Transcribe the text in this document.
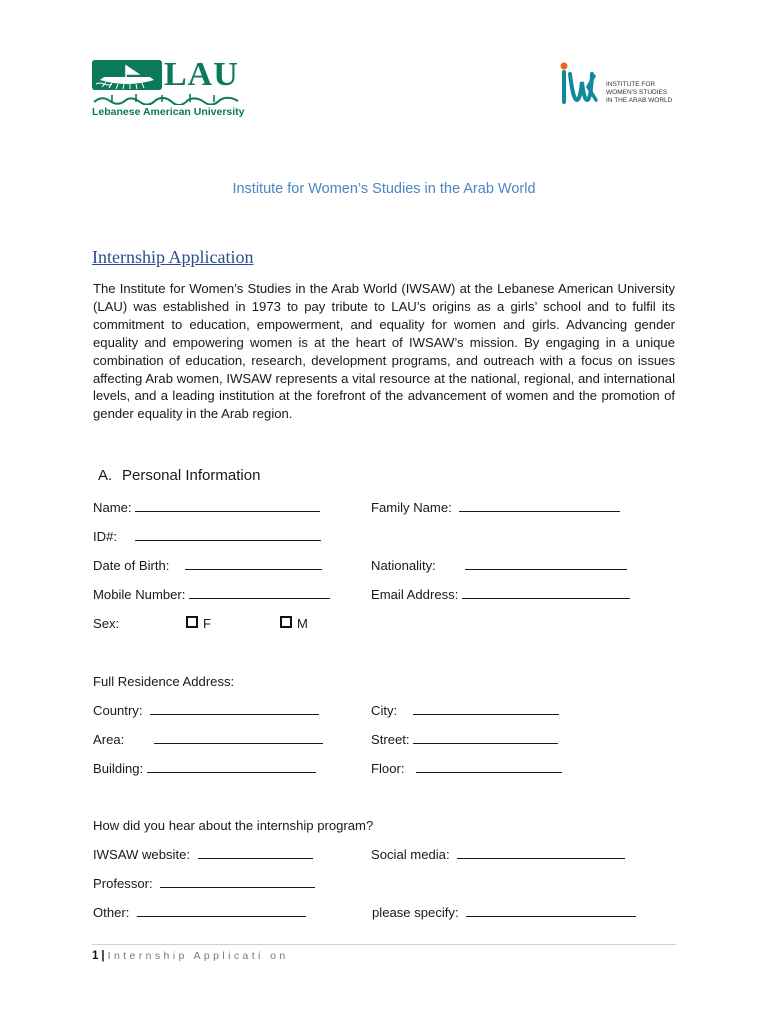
LAU
Lebanese American University
INSTITUTE FOR
WOMEN'S STUDIES
IN THE ARAB WORLD
Institute for Women’s Studies in the Arab World
Internship Application

The Institute for Women’s Studies in the Arab World (IWSAW) at the Lebanese American University (LAU) was established in 1973 to pay tribute to LAU’s origins as a girls’ school and to fulfil its commitment to education, empowerment, and equality for women and girls. Advancing gender equality and empowering women is at the heart of IWSAW’s mission. By engaging in a unique combination of education, research, development programs, and outreach with a focus on issues affecting Arab women, IWSAW represents a vital resource at the national, regional, and international levels, and a leading institution at the forefront of the advancement of women and the promotion of gender equality in the Arab region.

A. Personal Information
Name:	Family Name:
ID#:
Date of Birth:	Nationality:
Mobile Number:	Email Address:
Sex:	F	M
Full Residence Address:
Country:	City:
Area:	Street:
Building:	Floor:
How did you hear about the internship program?
IWSAW website:	Social media:
Professor:
Other:	please specify:
1 | Internship Applicati on
